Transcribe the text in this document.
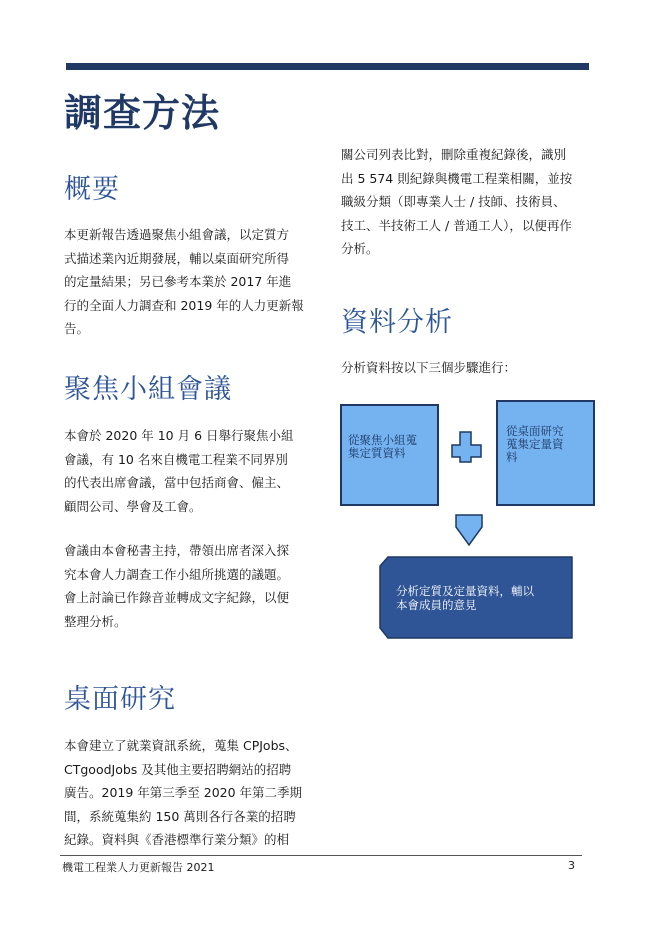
調查方法
概要
本更新報告透過聚焦小組會議，以定質方
式描述業內近期發展，輔以桌面研究所得
的定量結果；另已參考本業於 2017 年進
行的全面人力調查和 2019 年的人力更新報
告。
聚焦小組會議
本會於 2020 年 10 月 6 日舉行聚焦小組
會議，有 10 名來自機電工程業不同界別
的代表出席會議，當中包括商會、僱主、
顧問公司、學會及工會。
會議由本會秘書主持，帶領出席者深入探
究本會人力調查工作小組所挑選的議題。
會上討論已作錄音並轉成文字紀錄，以便
整理分析。
桌面研究
本會建立了就業資訊系統，蒐集 CPJobs、
CTgoodJobs 及其他主要招聘網站的招聘
廣告。2019 年第三季至 2020 年第二季期
間，系統蒐集約 150 萬則各行各業的招聘
紀錄。資料與《香港標準行業分類》的相
關公司列表比對，刪除重複紀錄後，識別
出 5 574 則紀錄與機電工程業相關，並按
職級分類（即專業人士 / 技師、技術員、
技工、半技術工人 / 普通工人），以便再作
分析。
資料分析
分析資料按以下三個步驟進行：
從聚焦小組蒐
集定質資料
從桌面研究
蒐集定量資
料
分析定質及定量資料，輔以
本會成員的意見
機電工程業人力更新報告 2021	3
